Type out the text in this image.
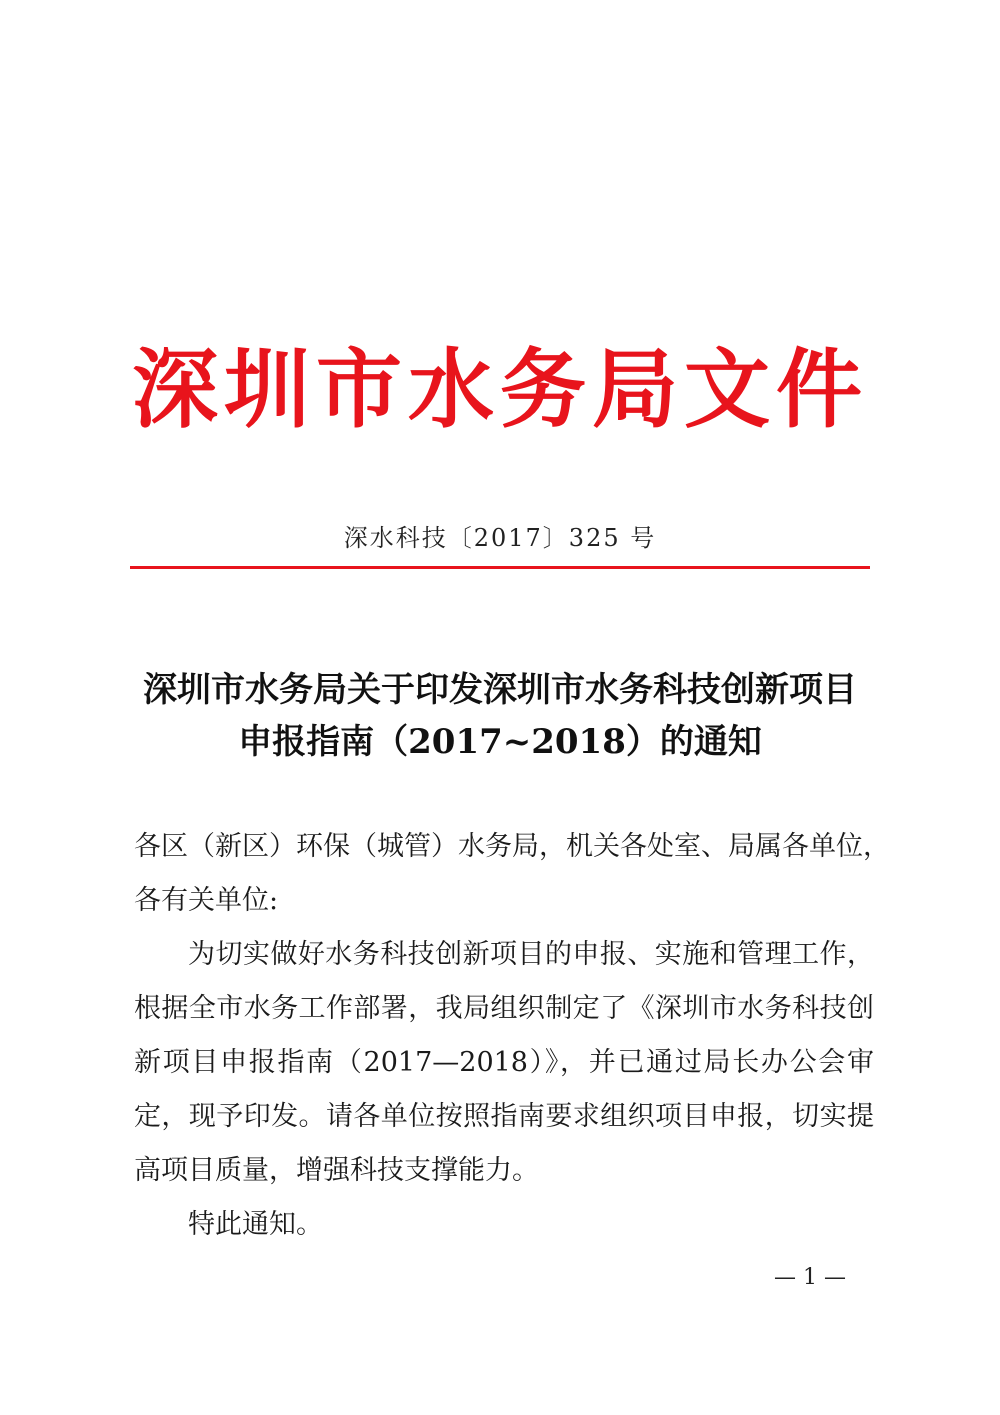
深圳市水务局文件
深水科技〔2017〕325 号
深圳市水务局关于印发深圳市水务科技创新项目
申报指南（2017~2018）的通知

各区（新区）环保（城管）水务局，机关各处室、局属各单位，
各有关单位:

为切实做好水务科技创新项目的申报、实施和管理工作，根据全市水务工作部署，我局组织制定了《深圳市水务科技创新项目申报指南（2017—2018）》，并已通过局长办公会审定，现予印发。请各单位按照指南要求组织项目申报，切实提高项目质量，增强科技支撑能力。

特此通知。

— 1 —
